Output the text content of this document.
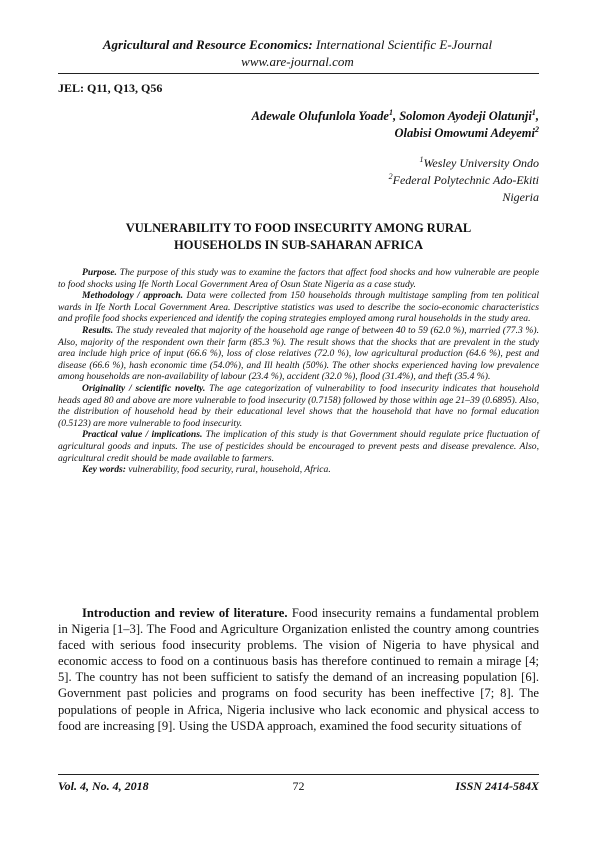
Agricultural and Resource Economics: International Scientific E-Journal
www.are-journal.com
JEL: Q11, Q13, Q56
Adewale Olufunlola Yoade$^1$, Solomon Ayodeji Olatunji$^1$,
Olabisi Omowumi Adeyemi$^2$
$^1$Wesley University Ondo
$^2$Federal Polytechnic Ado-Ekiti
Nigeria
VULNERABILITY TO FOOD INSECURITY AMONG RURAL
HOUSEHOLDS IN SUB-SAHARAN AFRICA

Purpose. The purpose of this study was to examine the factors that affect food shocks and how vulnerable are people to food shocks using Ife North Local Government Area of Osun State Nigeria as a case study.

Methodology / approach. Data were collected from 150 households through multistage sampling from ten political wards in Ife North Local Government Area. Descriptive statistics was used to describe the socio-economic characteristics and profile food shocks experienced and identify the coping strategies employed among rural households in the study area.

Results. The study revealed that majority of the household age range of between 40 to 59 (62.0 %), married (77.3 %). Also, majority of the respondent own their farm (85.3 %). The result shows that the shocks that are prevalent in the study area include high price of input (66.6 %), loss of close relatives (72.0 %), low agricultural production (64.6 %), pest and disease (66.6 %), hash economic time (54.0%), and Ill health (50%). The other shocks experienced having low prevalence among households are non-availability of labour (23.4 %), accident (32.0 %), flood (31.4%), and theft (35.4 %).

Originality / scientific novelty. The age categorization of vulnerability to food insecurity indicates that household heads aged 80 and above are more vulnerable to food insecurity (0.7158) followed by those within age 21–39 (0.6895). Also, the distribution of household head by their educational level shows that the household that have no formal education (0.5123) are more vulnerable to food insecurity.

Practical value / implications. The implication of this study is that Government should regulate price fluctuation of agricultural goods and inputs. The use of pesticides should be encouraged to prevent pests and disease prevalence. Also, agricultural credit should be made available to farmers.

Key words: vulnerability, food security, rural, household, Africa.

Introduction and review of literature. Food insecurity remains a fundamental problem in Nigeria [1–3]. The Food and Agriculture Organization enlisted the country among countries faced with serious food insecurity problems. The vision of Nigeria to have physical and economic access to food on a continuous basis has therefore continued to remain a mirage [4; 5]. The country has not been sufficient to satisfy the demand of an increasing population [6]. Government past policies and programs on food security has been ineffective [7; 8]. The populations of people in Africa, Nigeria inclusive who lack economic and physical access to food are increasing [9]. Using the USDA approach, examined the food security situations of

72
Vol. 4, No. 4, 2018	ISSN 2414-584X
